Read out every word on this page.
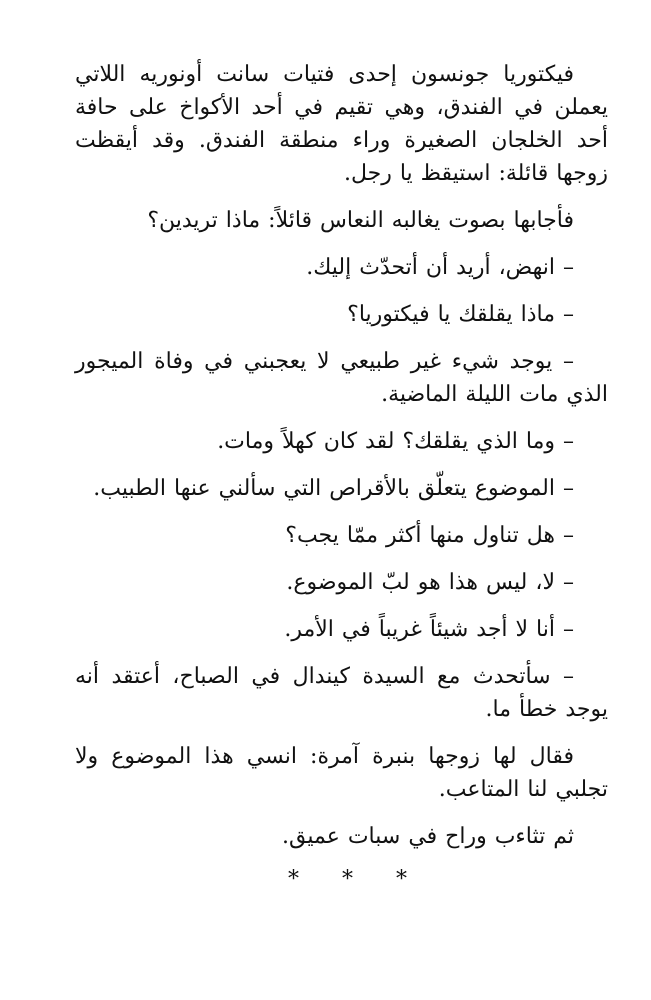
فيكتوريا جونسون إحدى فتيات سانت أونوريه اللاتي يعملن في الفندق، وهي تقيم في أحد الأكواخ على حافة أحد الخلجان الصغيرة وراء منطقة الفندق. وقد أيقظت زوجها قائلة: استيقظ يا رجل.

فأجابها بصوت يغالبه النعاس قائلاً: ماذا تريدين؟

– انهض، أريد أن أتحدّث إليك.

– ماذا يقلقك يا فيكتوريا؟

– يوجد شيء غير طبيعي لا يعجبني في وفاة الميجور الذي مات الليلة الماضية.

– وما الذي يقلقك؟ لقد كان كهلاً ومات.

– الموضوع يتعلّق بالأقراص التي سألني عنها الطبيب.

– هل تناول منها أكثر ممّا يجب؟

– لا، ليس هذا هو لبّ الموضوع.

– أنا لا أجد شيئاً غريباً في الأمر.

– سأتحدث مع السيدة كيندال في الصباح، أعتقد أنه يوجد خطأ ما.

فقال لها زوجها بنبرة آمرة: انسي هذا الموضوع ولا تجلبي لنا المتاعب.

ثم تثاءب وراح في سبات عميق.

* * *
